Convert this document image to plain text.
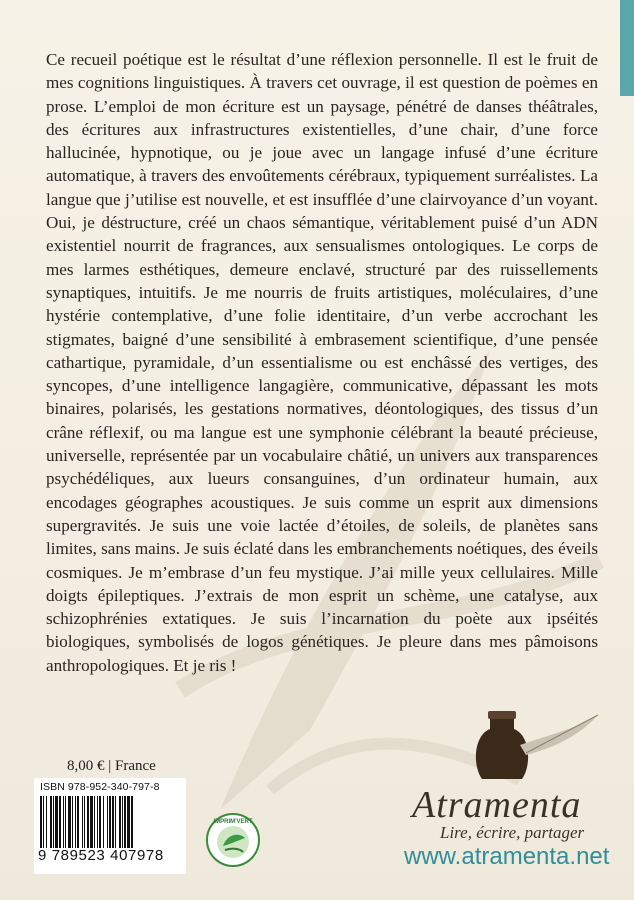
Ce recueil poétique est le résultat d’une réflexion personnelle. Il est le fruit de mes cognitions linguistiques. À travers cet ouvrage, il est question de poèmes en prose. L’emploi de mon écriture est un paysage, pénétré de danses théâtrales, des écritures aux infrastructures existentielles, d’une chair, d’une force hallucinée, hypnotique, ou je joue avec un langage infusé d’une écriture automatique, à travers des envoûtements cérébraux, typiquement surréalistes. La langue que j’utilise est nouvelle, et est insufflée d’une clairvoyance d’un voyant. Oui, je déstructure, créé un chaos sémantique, véritablement puisé d’un ADN existentiel nourrit de fragrances, aux sensualismes ontologiques. Le corps de mes larmes esthétiques, demeure enclavé, structuré par des ruissellements synaptiques, intuitifs. Je me nourris de fruits artistiques, moléculaires, d’une hystérie contemplative, d’une folie identitaire, d’un verbe accrochant les stigmates, baigné d’une sensibilité à embrasement scientifique, d’une pensée cathartique, pyramidale, d’un essentialisme ou est enchâssé des vertiges, des syncopes, d’une intelligence langagière, communicative, dépassant les mots binaires, polarisés, les gestations normatives, déontologiques, des tissus d’un crâne réflexif, ou ma langue est une symphonie célébrant la beauté précieuse, universelle, représentée par un vocabulaire châtié, un univers aux transparences psychédéliques, aux lueurs consanguines, d’un ordinateur humain, aux encodages géographes acoustiques. Je suis comme un esprit aux dimensions supergravités. Je suis une voie lactée d’étoiles, de soleils, de planètes sans limites, sans mains. Je suis éclaté dans les embranchements noétiques, des éveils cosmiques. Je m’embrase d’un feu mystique. J’ai mille yeux cellulaires. Mille doigts épileptiques. J’extrais de mon esprit un schème, une catalyse, aux schizophrénies extatiques. Je suis l’incarnation du poète aux ipséités biologiques, symbolisés de logos génétiques. Je pleure dans mes pâmoisons anthropologiques. Et je ris !

8,00 € | France
ISBN 978-952-340-797-8
9 789523 407978
IMPRIM'VERT	Atramenta
Lire, écrire, partager
www.atramenta.net
